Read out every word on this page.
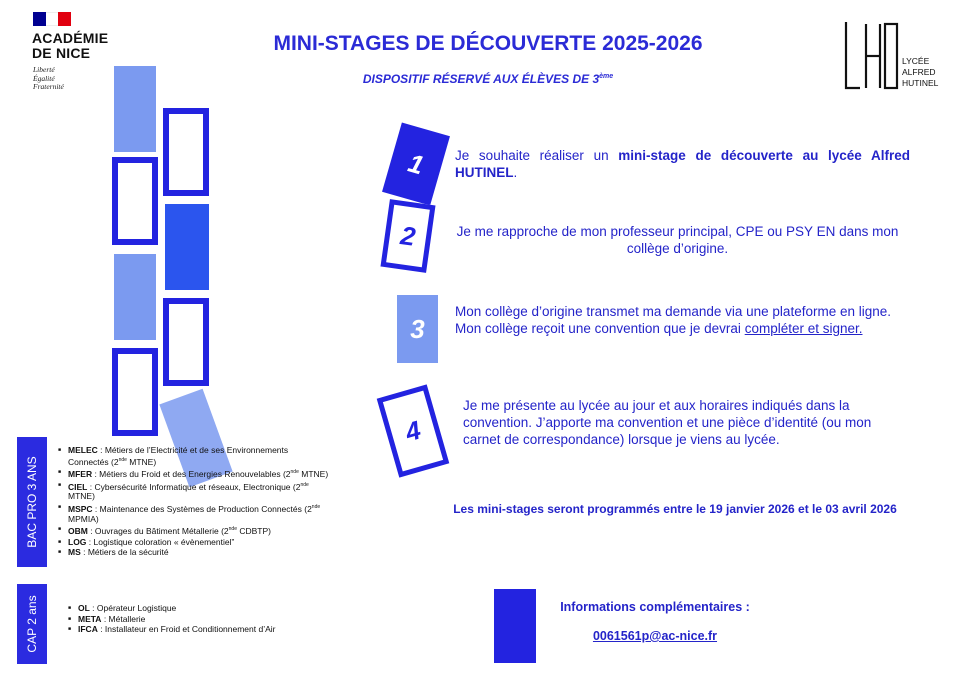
ACADÉMIE
DE NICE
Liberté
Égalité
Fraternité
MINI-STAGES DE DÉCOUVERTE 2025-2026
DISPOSITIF RÉSERVÉ AUX ÉLÈVES DE 3ème
LYCÉE
ALFRED
HUTINEL
1
2
3
4
Je souhaite réaliser un mini-stage de découverte au lycée Alfred HUTINEL.
Je me rapproche de mon professeur principal, CPE ou PSY EN dans mon collège d’origine.
Mon collège d’origine transmet ma demande via une plateforme en ligne.
Mon collège reçoit une convention que je devrai compléter et signer.
Je me présente au lycée au jour et aux horaires indiqués dans la convention. J’apporte ma convention et une pièce d’identité (ou mon carnet de correspondance) lorsque je viens au lycée.
Les mini-stages seront programmés entre le 19 janvier 2026 et le 03 avril 2026
BAC PRO 3 ANS
■ MELEC : Métiers de l’Electricité et de ses Environnements Connectés (2nde MTNE)
■ MFER : Métiers du Froid et des Energies Renouvelables (2nde MTNE)
■ CIEL : Cybersécurité Informatique et réseaux, Electronique (2nde MTNE)
■ MSPC : Maintenance des Systèmes de Production Connectés (2nde MPMIA)
■ OBM : Ouvrages du Bâtiment Métallerie (2nde CDBTP)
■ LOG : Logistique coloration « évènementiel”
■ MS : Métiers de la sécurité
CAP 2 ans
■	OL : Opérateur Logistique
■ META : Métallerie
■ IFCA : Installateur en Froid et Conditionnement d’Air
Informations complémentaires :
0061561p@ac-nice.fr
